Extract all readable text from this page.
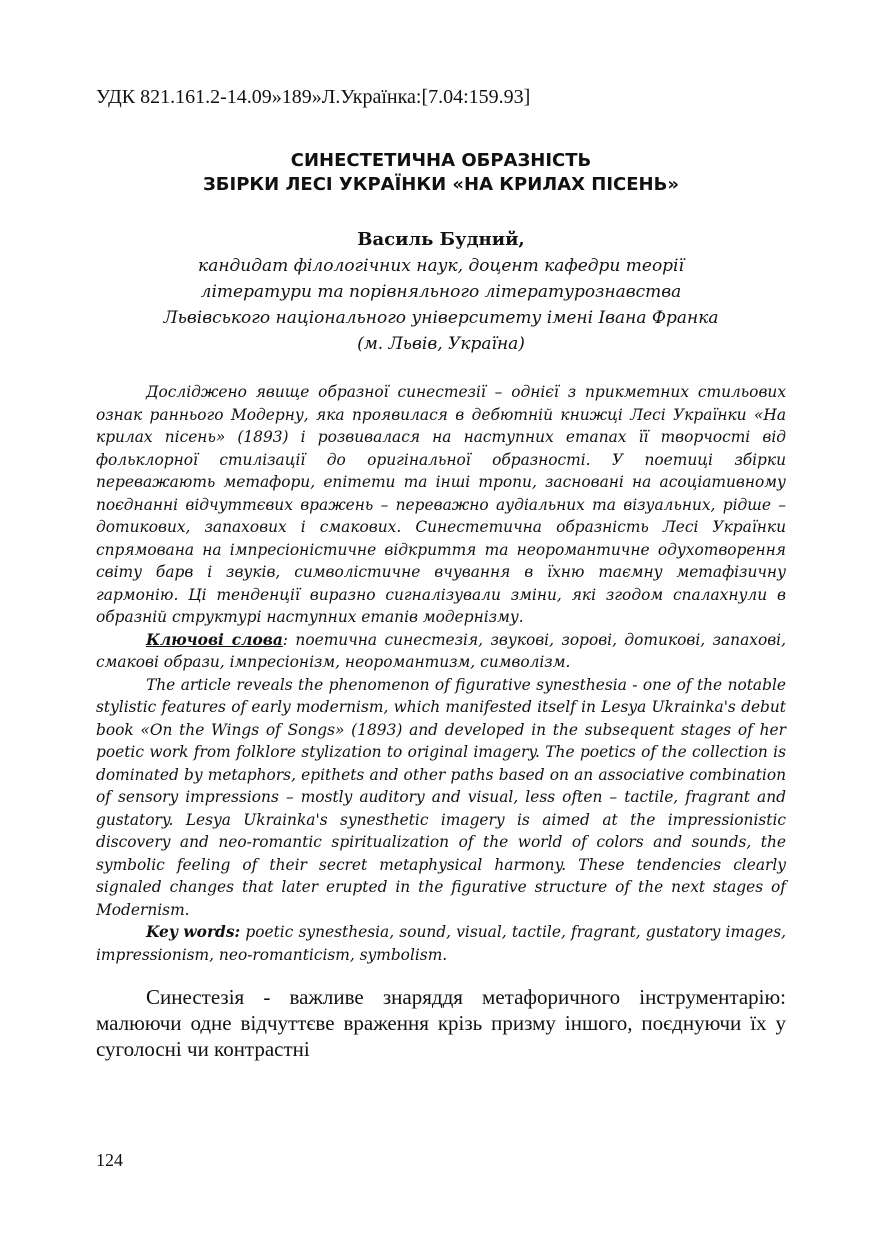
УДК 821.161.2-14.09»189»Л.Українка:[7.04:159.93]

СИНЕСТЕТИЧНА ОБРАЗНІСТЬ
ЗБІРКИ ЛЕСІ УКРАЇНКИ «НА КРИЛАХ ПІСЕНЬ»

Василь Будний,

кандидат філологічних наук, доцент кафедри теорії
літератури та порівняльного літературознавства
Львівського національного університету імені Івана Франка
(м. Львів, Україна)

Досліджено явище образної синестезії – однієї з прикметних стильових ознак раннього Модерну, яка проявилася в дебютній книжці Лесі Українки «На крилах пісень» (1893) і розвивалася на наступних етапах її творчості від фольклорної стилізації до оригінальної образності. У поетиці збірки переважають метафори, епітети та інші тропи, засновані на асоціативному поєднанні відчуттєвих вражень – переважно аудіальних та візуальних, рідше – дотикових, запахових і смакових. Синестетична образність Лесі Українки спрямована на імпресіоністичне відкриття та неоромантичне одухотворення світу барв і звуків, символістичне вчування в їхню таємну метафізичну гармонію. Ці тенденції виразно сигналізували зміни, які згодом спалахнули в образній структурі наступних етапів модернізму.

Ключові слова: поетична синестезія, звукові, зорові, дотикові, запахові, смакові образи, імпресіонізм, неоромантизм, символізм.

The article reveals the phenomenon of figurative synesthesia - one of the notable stylistic features of early modernism, which manifested itself in Lesya Ukrainka's debut book «On the Wings of Songs» (1893) and developed in the subsequent stages of her poetic work from folklore stylization to original imagery. The poetics of the collection is dominated by metaphors, epithets and other paths based on an associative combination of sensory impressions – mostly auditory and visual, less often – tactile, fragrant and gustatory. Lesya Ukrainka's synesthetic imagery is aimed at the impressionistic discovery and neo-romantic spiritualization of the world of colors and sounds, the symbolic feeling of their secret metaphysical harmony. These tendencies clearly signaled changes that later erupted in the figurative structure of the next stages of Modernism.

Key words: poetic synesthesia, sound, visual, tactile, fragrant, gustatory images, impressionism, neo-romanticism, symbolism.

Синестезія - важливе знаряддя метафоричного інструментарію: малюючи одне відчуттєве враження крізь призму іншого, поєднуючи їх у суголосні чи контрастні

124
